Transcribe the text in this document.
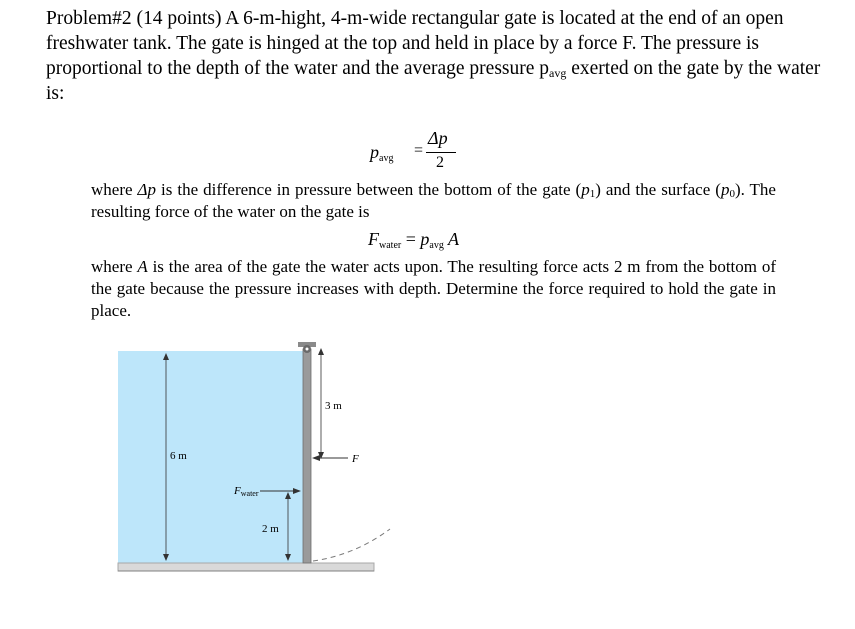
Problem#2 (14 points) A 6-m-hight, 4-m-wide rectangular gate is located at the end of an open freshwater tank. The gate is hinged at the top and held in place by a force F. The pressure is proportional to the depth of the water and the average pressure $p_{avg}$ exerted on the gate by the water is:
$p_{avg}$ =
Δp
2
where Δp is the difference in pressure between the bottom of the gate $(p_1)$ and the surface $(p_0)$. The resulting force of the water on the gate is
$F_{water} = p_{avg}$ A
where A is the area of the gate the water acts upon. The resulting force acts 2 m from the bottom of the gate because the pressure increases with depth. Determine the force required to hold the gate in place.
6 m
3 m
F
Fwater
2 m
